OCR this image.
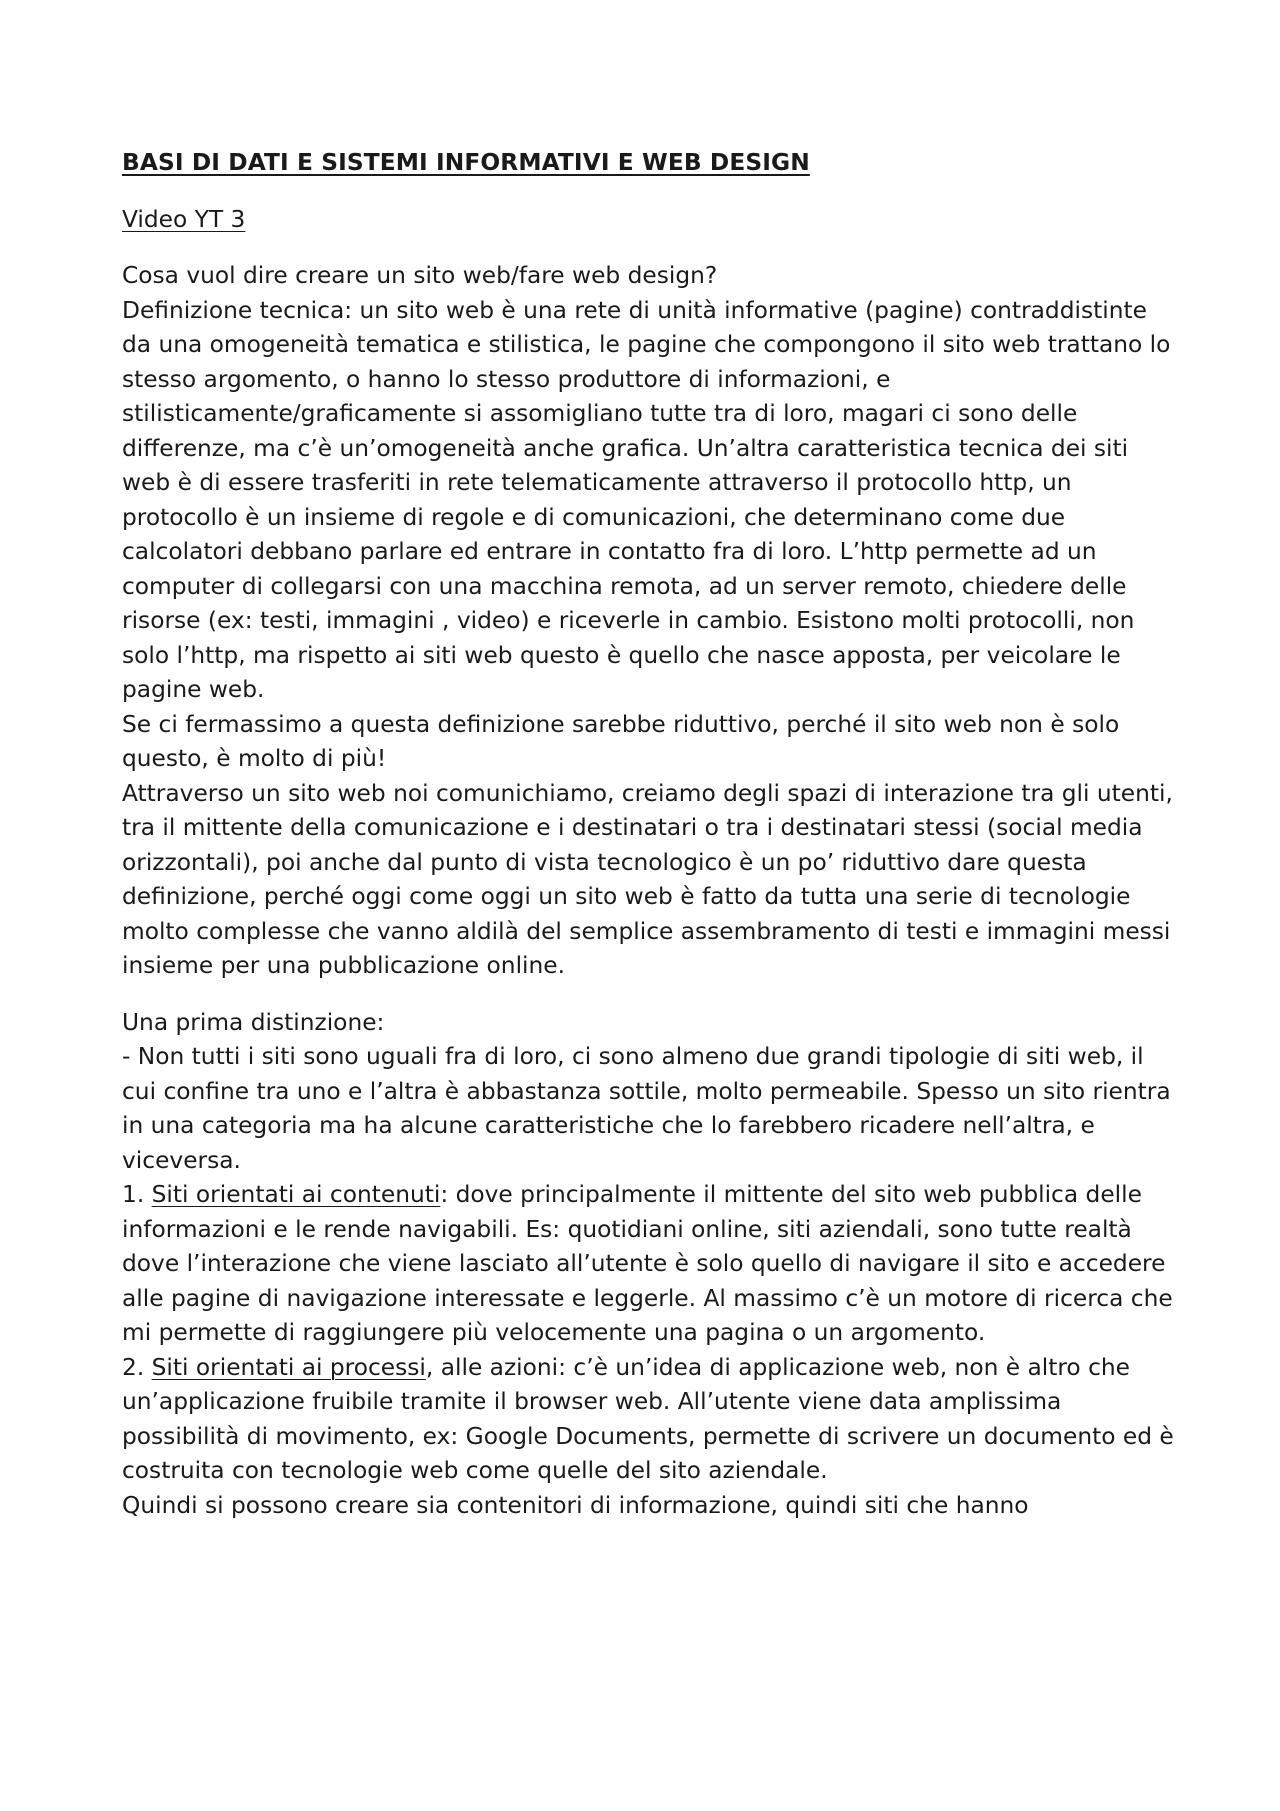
BASI DI DATI E SISTEMI INFORMATIVI E WEB DESIGN
Video YT 3

Cosa vuol dire creare un sito web/fare web design?

Definizione tecnica: un sito web è una rete di unità informative (pagine) contraddistinte da una omogeneità tematica e stilistica, le pagine che compongono il sito web trattano lo stesso argomento, o hanno lo stesso produttore di informazioni, e stilisticamente/graficamente si assomigliano tutte tra di loro, magari ci sono delle differenze, ma c’è un’omogeneità anche grafica. Un’altra caratteristica tecnica dei siti web è di essere trasferiti in rete telematicamente attraverso il protocollo http, un protocollo è un insieme di regole e di comunicazioni, che determinano come due calcolatori debbano parlare ed entrare in contatto fra di loro. L’http permette ad un computer di collegarsi con una macchina remota, ad un server remoto, chiedere delle risorse (ex: testi, immagini , video) e riceverle in cambio. Esistono molti protocolli, non solo l’http, ma rispetto ai siti web questo è quello che nasce apposta, per veicolare le pagine web.

Se ci fermassimo a questa definizione sarebbe riduttivo, perché il sito web non è solo questo, è molto di più!

Attraverso un sito web noi comunichiamo, creiamo degli spazi di interazione tra gli utenti, tra il mittente della comunicazione e i destinatari o tra i destinatari stessi (social media orizzontali), poi anche dal punto di vista tecnologico è un po’ riduttivo dare questa definizione, perché oggi come oggi un sito web è fatto da tutta una serie di tecnologie molto complesse che vanno aldilà del semplice assembramento di testi e immagini messi insieme per una pubblicazione online.

Una prima distinzione:

- Non tutti i siti sono uguali fra di loro, ci sono almeno due grandi tipologie di siti web, il cui confine tra uno e l’altra è abbastanza sottile, molto permeabile. Spesso un sito rientra in una categoria ma ha alcune caratteristiche che lo farebbero ricadere nell’altra, e viceversa.

1. Siti orientati ai contenuti: dove principalmente il mittente del sito web pubblica delle informazioni e le rende navigabili. Es: quotidiani online, siti aziendali, sono tutte realtà dove l’interazione che viene lasciato all’utente è solo quello di navigare il sito e accedere alle pagine di navigazione interessate e leggerle. Al massimo c’è un motore di ricerca che mi permette di raggiungere più velocemente una pagina o un argomento.

2. Siti orientati ai processi, alle azioni: c’è un’idea di applicazione web, non è altro che un’applicazione fruibile tramite il browser web. All’utente viene data amplissima possibilità di movimento, ex: Google Documents, permette di scrivere un documento ed è costruita con tecnologie web come quelle del sito aziendale.

Quindi si possono creare sia contenitori di informazione, quindi siti che hanno
